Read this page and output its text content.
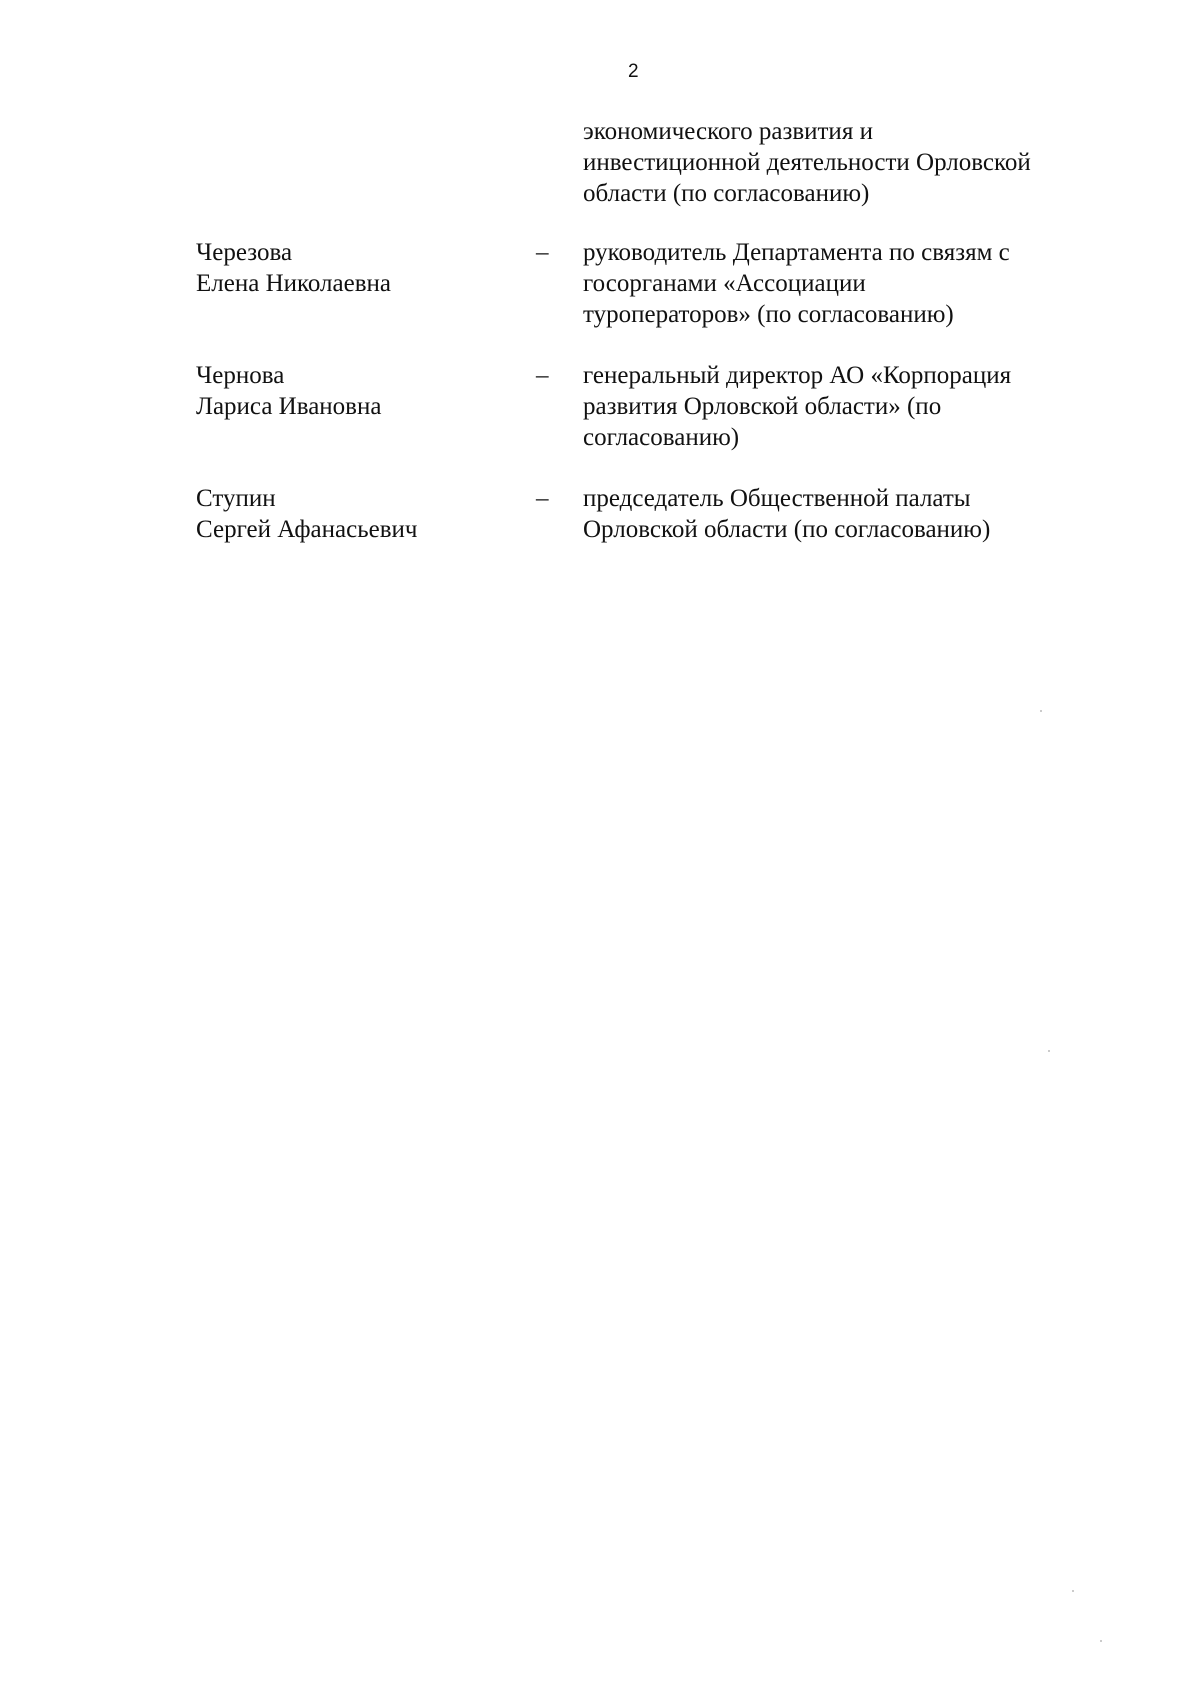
2
экономического развития и
инвестиционной деятельности Орловской
области (по согласованию)
Черезова
Елена Николаевна
– руководитель Департамента по связям с
госорганами «Ассоциации
туроператоров» (по согласованию)
Чернова
Лариса Ивановна
– генеральный директор АО «Корпорация
развития Орловской области» (по
согласованию)
Ступин
Сергей Афанасьевич
– председатель Общественной палаты
Орловской области (по согласованию)
